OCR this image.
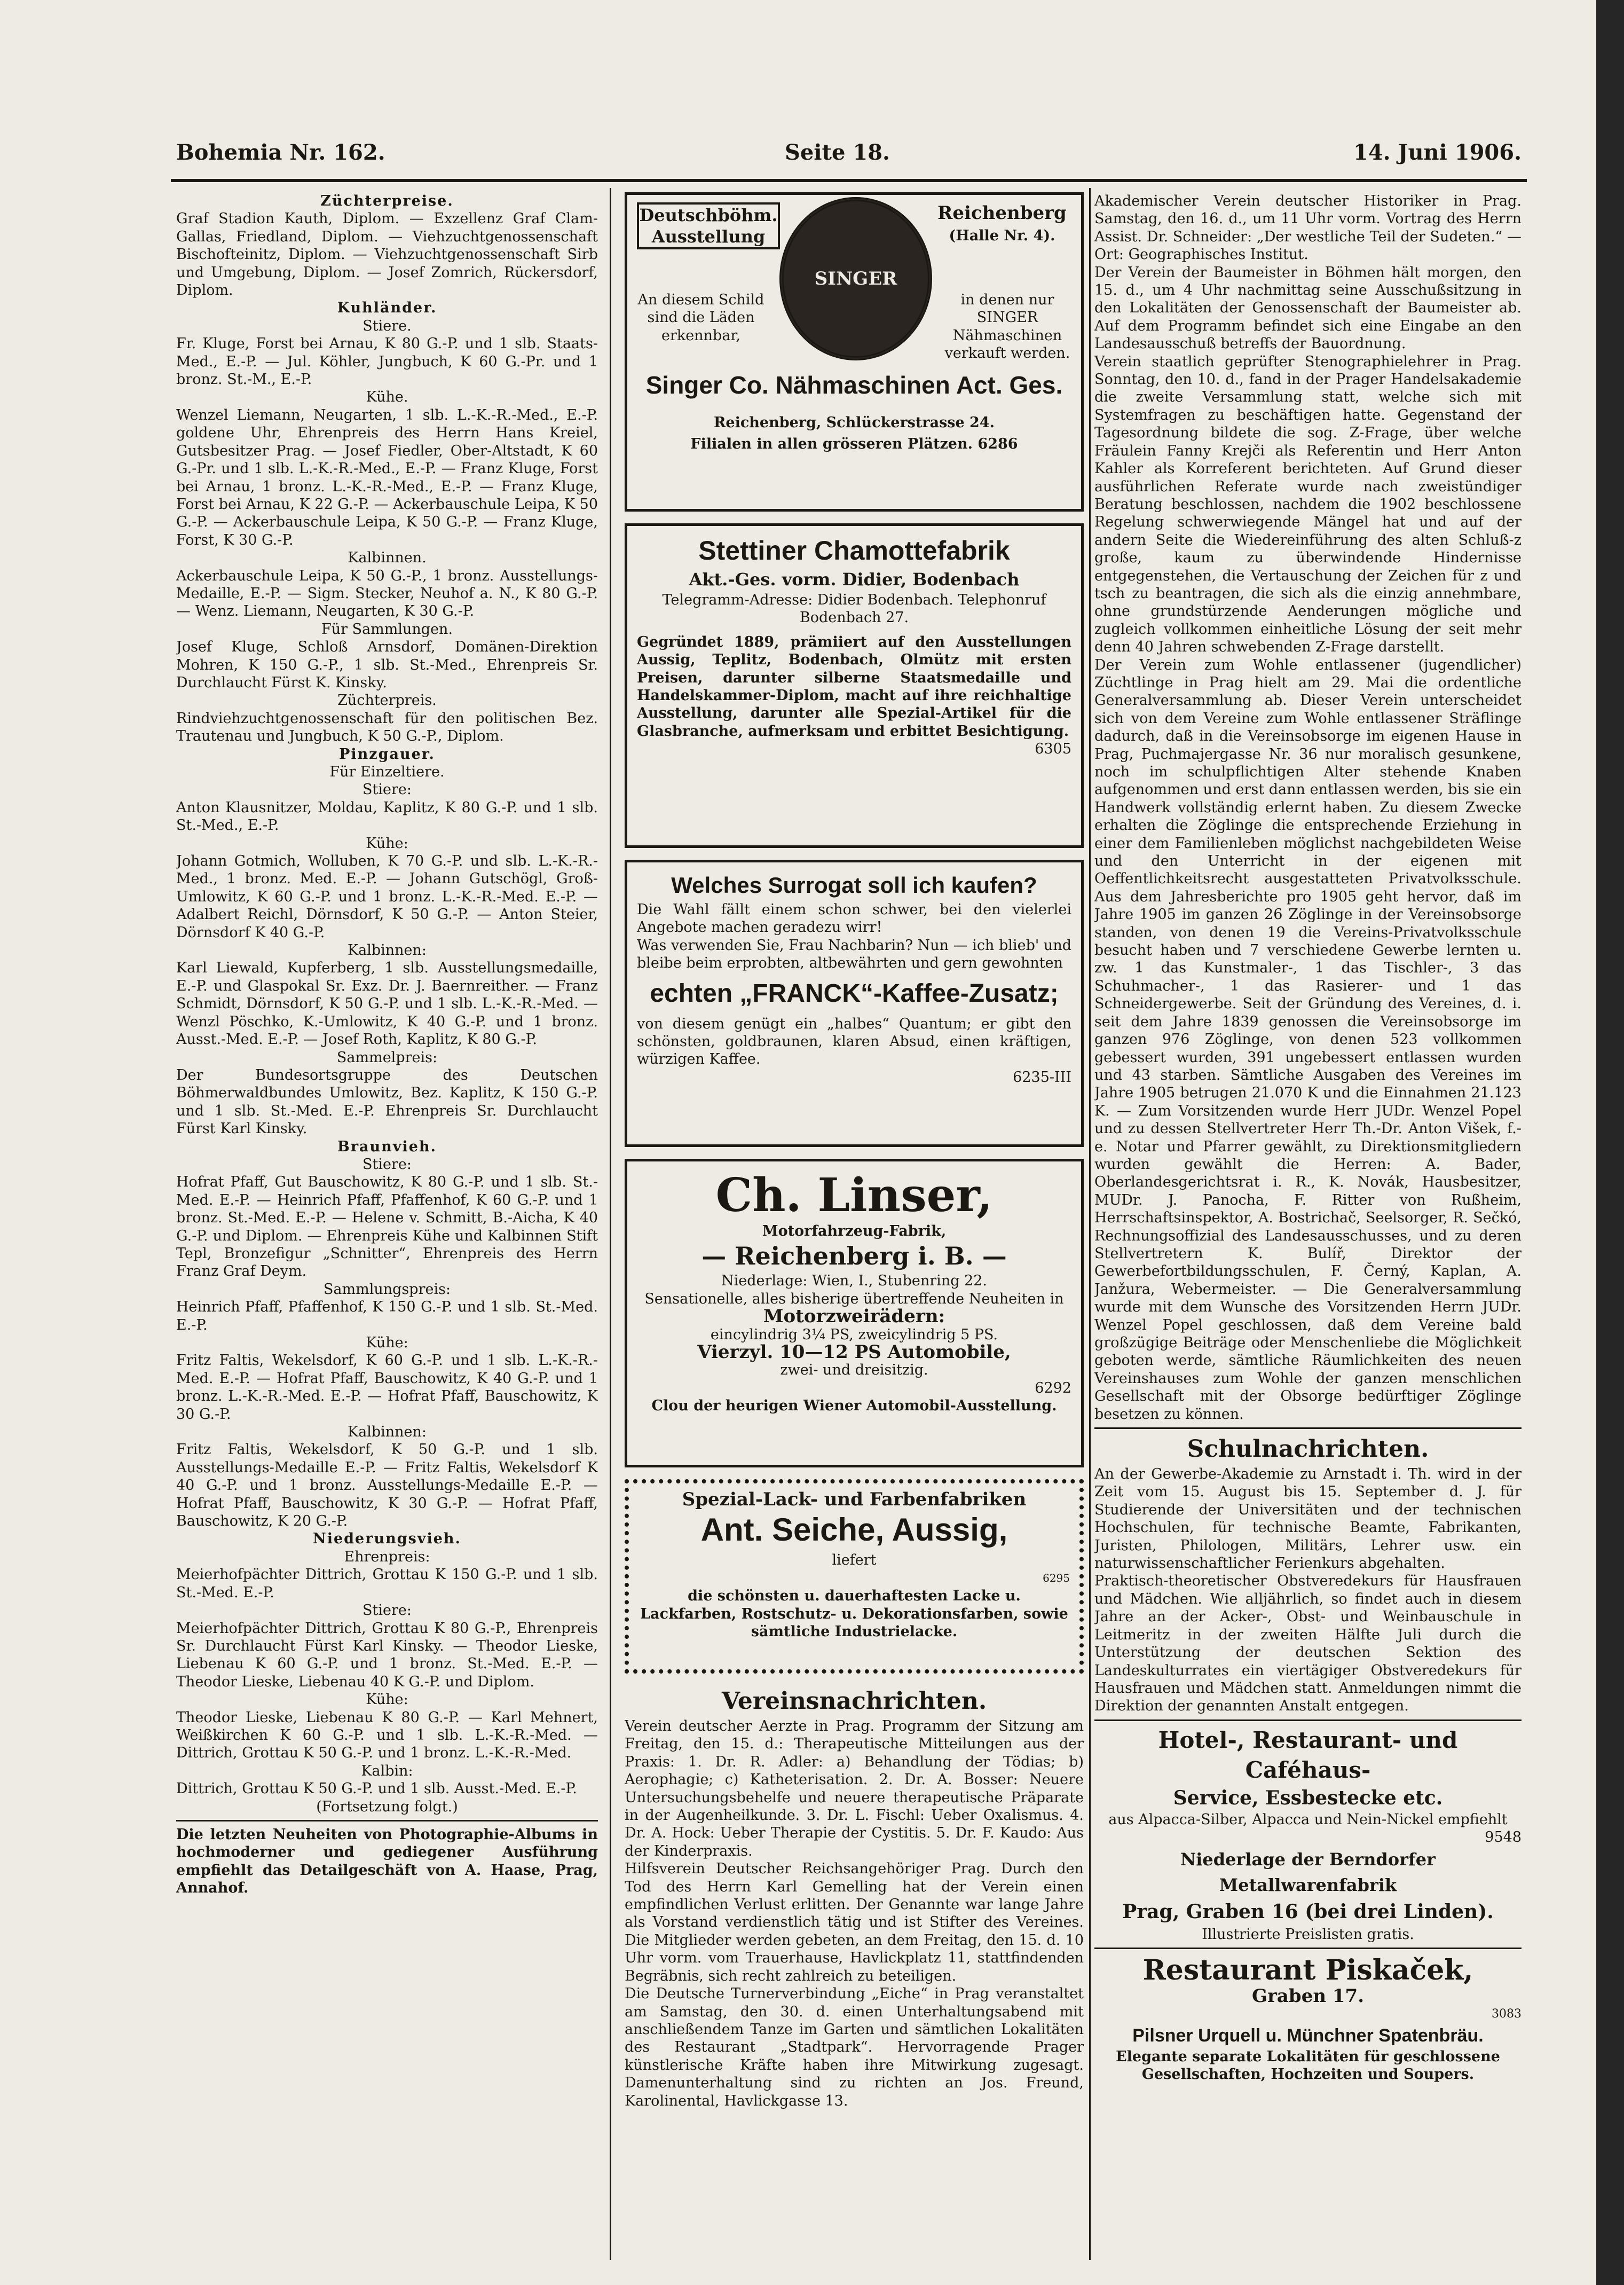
Bohemia Nr. 162.	Seite 18.	14. Juni 1906.

Züchterpreise.

Graf Stadion Kauth, Diplom. — Exzellenz Graf Clam-Gallas, Friedland, Diplom. — Viehzuchtgenossenschaft Bischofteinitz, Diplom. — Viehzuchtgenossenschaft Sirb und Umgebung, Diplom. — Josef Zomrich, Rückersdorf, Diplom.

Kuhländer.

Stiere.

Fr. Kluge, Forst bei Arnau, K 80 G.-P. und 1 slb. Staats-Med., E.-P. — Jul. Köhler, Jungbuch, K 60 G.-Pr. und 1 bronz. St.-M., E.-P.

Kühe.

Wenzel Liemann, Neugarten, 1 slb. L.-K.-R.-Med., E.-P. goldene Uhr, Ehrenpreis des Herrn Hans Kreiel, Gutsbesitzer Prag. — Josef Fiedler, Ober-Altstadt, K 60 G.-Pr. und 1 slb. L.-K.-R.-Med., E.-P. — Franz Kluge, Forst bei Arnau, 1 bronz. L.-K.-R.-Med., E.-P. — Franz Kluge, Forst bei Arnau, K 22 G.-P. — Ackerbauschule Leipa, K 50 G.-P. — Ackerbauschule Leipa, K 50 G.-P. — Franz Kluge, Forst, K 30 G.-P.

Kalbinnen.

Ackerbauschule Leipa, K 50 G.-P., 1 bronz. Ausstellungs-Medaille, E.-P. — Sigm. Stecker, Neuhof a. N., K 80 G.-P. — Wenz. Liemann, Neugarten, K 30 G.-P.

Für Sammlungen.

Josef Kluge, Schloß Arnsdorf, Domänen-Direktion Mohren, K 150 G.-P., 1 slb. St.-Med., Ehrenpreis Sr. Durchlaucht Fürst K. Kinsky.

Züchterpreis.

Rindviehzuchtgenossenschaft für den politischen Bez. Trautenau und Jungbuch, K 50 G.-P., Diplom.

Pinzgauer.

Für Einzeltiere.

Stiere:

Anton Klausnitzer, Moldau, Kaplitz, K 80 G.-P. und 1 slb. St.-Med., E.-P.

Kühe:

Johann Gotmich, Wolluben, K 70 G.-P. und slb. L.-K.-R.-Med., 1 bronz. Med. E.-P. — Johann Gutschögl, Groß-Umlowitz, K 60 G.-P. und 1 bronz. L.-K.-R.-Med. E.-P. — Adalbert Reichl, Dörnsdorf, K 50 G.-P. — Anton Steier, Dörnsdorf K 40 G.-P.

Kalbinnen:

Karl Liewald, Kupferberg, 1 slb. Ausstellungsmedaille, E.-P. und Glaspokal Sr. Exz. Dr. J. Baernreither. — Franz Schmidt, Dörnsdorf, K 50 G.-P. und 1 slb. L.-K.-R.-Med. — Wenzl Pöschko, K.-Umlowitz, K 40 G.-P. und 1 bronz. Ausst.-Med. E.-P. — Josef Roth, Kaplitz, K 80 G.-P.

Sammelpreis:

Der Bundesortsgruppe des Deutschen Böhmerwaldbundes Umlowitz, Bez. Kaplitz, K 150 G.-P. und 1 slb. St.-Med. E.-P. Ehrenpreis Sr. Durchlaucht Fürst Karl Kinsky.

Braunvieh.

Stiere:

Hofrat Pfaff, Gut Bauschowitz, K 80 G.-P. und 1 slb. St.-Med. E.-P. — Heinrich Pfaff, Pfaffenhof, K 60 G.-P. und 1 bronz. St.-Med. E.-P. — Helene v. Schmitt, B.-Aicha, K 40 G.-P. und Diplom. — Ehrenpreis Kühe und Kalbinnen Stift Tepl, Bronzefigur „Schnitter“, Ehrenpreis des Herrn Franz Graf Deym.

Sammlungspreis:

Heinrich Pfaff, Pfaffenhof, K 150 G.-P. und 1 slb. St.-Med. E.-P.

Kühe:

Fritz Faltis, Wekelsdorf, K 60 G.-P. und 1 slb. L.-K.-R.-Med. E.-P. — Hofrat Pfaff, Bauschowitz, K 40 G.-P. und 1 bronz. L.-K.-R.-Med. E.-P. — Hofrat Pfaff, Bauschowitz, K 30 G.-P.

Kalbinnen:

Fritz Faltis, Wekelsdorf, K 50 G.-P. und 1 slb. Ausstellungs-Medaille E.-P. — Fritz Faltis, Wekelsdorf K 40 G.-P. und 1 bronz. Ausstellungs-Medaille E.-P. — Hofrat Pfaff, Bauschowitz, K 30 G.-P. — Hofrat Pfaff, Bauschowitz, K 20 G.-P.

Niederungsvieh.

Ehrenpreis:

Meierhofpächter Dittrich, Grottau K 150 G.-P. und 1 slb. St.-Med. E.-P.

Stiere:

Meierhofpächter Dittrich, Grottau K 80 G.-P., Ehrenpreis Sr. Durchlaucht Fürst Karl Kinsky. — Theodor Lieske, Liebenau K 60 G.-P. und 1 bronz. St.-Med. E.-P. — Theodor Lieske, Liebenau 40 K G.-P. und Diplom.

Kühe:

Theodor Lieske, Liebenau K 80 G.-P. — Karl Mehnert, Weißkirchen K 60 G.-P. und 1 slb. L.-K.-R.-Med. — Dittrich, Grottau K 50 G.-P. und 1 bronz. L.-K.-R.-Med.

Kalbin:

Dittrich, Grottau K 50 G.-P. und 1 slb. Ausst.-Med. E.-P.

(Fortsetzung folgt.)

Die letzten Neuheiten von Photographie-Albums in hochmoderner und gediegener Ausführung empfiehlt das Detailgeschäft von A. Haase, Prag, Annahof.

Deutschböhm. Ausstellung
Reichenberg
(Halle Nr. 4).
SINGER
An diesem Schild sind die Läden erkennbar,
in denen nur SINGER Nähmaschinen verkauft werden.
Singer Co. Nähmaschinen Act. Ges.
Reichenberg, Schlückerstrasse 24.
Filialen in allen grösseren Plätzen. 6286

Stettiner Chamottefabrik

Akt.-Ges. vorm. Didier, Bodenbach

Telegramm-Adresse: Didier Bodenbach. Telephonruf Bodenbach 27.

Gegründet 1889, prämiiert auf den Ausstellungen Aussig, Teplitz, Bodenbach, Olmütz mit ersten Preisen, darunter silberne Staatsmedaille und Handelskammer-Diplom, macht auf ihre reichhaltige Ausstellung, darunter alle Spezial-Artikel für die Glasbranche, aufmerksam und erbittet Besichtigung.

6305

Welches Surrogat soll ich kaufen?

Die Wahl fällt einem schon schwer, bei den vielerlei Angebote machen geradezu wirr!

Was verwenden Sie, Frau Nachbarin? Nun — ich blieb' und bleibe beim erprobten, altbewährten und gern gewohnten

echten „FRANCK“-Kaffee-Zusatz;

von diesem genügt ein „halbes“ Quantum; er gibt den schönsten, goldbraunen, klaren Absud, einen kräftigen, würzigen Kaffee.

6235-III

Ch. Linser,

Motorfahrzeug-Fabrik,

— Reichenberg i. B. —

Niederlage: Wien, I., Stubenring 22.

Sensationelle, alles bisherige übertreffende Neuheiten in

Motorzweirädern:

eincylindrig 3¼ PS, zweicylindrig 5 PS.

Vierzyl. 10—12 PS Automobile,

zwei- und dreisitzig.

6292

Clou der heurigen Wiener Automobil-Ausstellung.

Spezial-Lack- und Farbenfabriken

Ant. Seiche, Aussig,

liefert

6295

die schönsten u. dauerhaftesten Lacke u. Lackfarben, Rostschutz- u. Dekorationsfarben, sowie sämtliche Industrielacke.

Vereinsnachrichten.

Verein deutscher Aerzte in Prag. Programm der Sitzung am Freitag, den 15. d.: Therapeutische Mitteilungen aus der Praxis: 1. Dr. R. Adler: a) Behandlung der Tödias; b) Aerophagie; c) Katheterisation. 2. Dr. A. Bosser: Neuere Untersuchungsbehelfe und neuere therapeutische Präparate in der Augenheilkunde. 3. Dr. L. Fischl: Ueber Oxalismus. 4. Dr. A. Hock: Ueber Therapie der Cystitis. 5. Dr. F. Kaudo: Aus der Kinderpraxis.

Hilfsverein Deutscher Reichsangehöriger Prag. Durch den Tod des Herrn Karl Gemelling hat der Verein einen empfindlichen Verlust erlitten. Der Genannte war lange Jahre als Vorstand verdienstlich tätig und ist Stifter des Vereines. Die Mitglieder werden gebeten, an dem Freitag, den 15. d. 10 Uhr vorm. vom Trauerhause, Havlickplatz 11, stattfindenden Begräbnis, sich recht zahlreich zu beteiligen.

Die Deutsche Turnerverbindung „Eiche“ in Prag veranstaltet am Samstag, den 30. d. einen Unterhaltungsabend mit anschließendem Tanze im Garten und sämtlichen Lokalitäten des Restaurant „Stadtpark“. Hervorragende Prager künstlerische Kräfte haben ihre Mitwirkung zugesagt. Damenunterhaltung sind zu richten an Jos. Freund, Karolinental, Havlickgasse 13.

Akademischer Verein deutscher Historiker in Prag. Samstag, den 16. d., um 11 Uhr vorm. Vortrag des Herrn Assist. Dr. Schneider: „Der westliche Teil der Sudeten.“ — Ort: Geographisches Institut.

Der Verein der Baumeister in Böhmen hält morgen, den 15. d., um 4 Uhr nachmittag seine Ausschußsitzung in den Lokalitäten der Genossenschaft der Baumeister ab. Auf dem Programm befindet sich eine Eingabe an den Landesausschuß betreffs der Bauordnung.

Verein staatlich geprüfter Stenographielehrer in Prag. Sonntag, den 10. d., fand in der Prager Handelsakademie die zweite Versammlung statt, welche sich mit Systemfragen zu beschäftigen hatte. Gegenstand der Tagesordnung bildete die sog. Z-Frage, über welche Fräulein Fanny Krejči als Referentin und Herr Anton Kahler als Korreferent berichteten. Auf Grund dieser ausführlichen Referate wurde nach zweistündiger Beratung beschlossen, nachdem die 1902 beschlossene Regelung schwerwiegende Mängel hat und auf der andern Seite die Wiedereinführung des alten Schluß-z große, kaum zu überwindende Hindernisse entgegenstehen, die Vertauschung der Zeichen für z und tsch zu beantragen, die sich als die einzig annehmbare, ohne grundstürzende Aenderungen mögliche und zugleich vollkommen einheitliche Lösung der seit mehr denn 40 Jahren schwebenden Z-Frage darstellt.

Der Verein zum Wohle entlassener (jugendlicher) Züchtlinge in Prag hielt am 29. Mai die ordentliche Generalversammlung ab. Dieser Verein unterscheidet sich von dem Vereine zum Wohle entlassener Sträflinge dadurch, daß in die Vereinsobsorge im eigenen Hause in Prag, Puchmajergasse Nr. 36 nur moralisch gesunkene, noch im schulpflichtigen Alter stehende Knaben aufgenommen und erst dann entlassen werden, bis sie ein Handwerk vollständig erlernt haben. Zu diesem Zwecke erhalten die Zöglinge die entsprechende Erziehung in einer dem Familienleben möglichst nachgebildeten Weise und den Unterricht in der eigenen mit Oeffentlichkeitsrecht ausgestatteten Privatvolksschule. Aus dem Jahresberichte pro 1905 geht hervor, daß im Jahre 1905 im ganzen 26 Zöglinge in der Vereinsobsorge standen, von denen 19 die Vereins-Privatvolksschule besucht haben und 7 verschiedene Gewerbe lernten u. zw. 1 das Kunstmaler-, 1 das Tischler-, 3 das Schuhmacher-, 1 das Rasierer- und 1 das Schneidergewerbe. Seit der Gründung des Vereines, d. i. seit dem Jahre 1839 genossen die Vereinsobsorge im ganzen 976 Zöglinge, von denen 523 vollkommen gebessert wurden, 391 ungebessert entlassen wurden und 43 starben. Sämtliche Ausgaben des Vereines im Jahre 1905 betrugen 21.070 K und die Einnahmen 21.123 K. — Zum Vorsitzenden wurde Herr JUDr. Wenzel Popel und zu dessen Stellvertreter Herr Th.-Dr. Anton Višek, f.-e. Notar und Pfarrer gewählt, zu Direktionsmitgliedern wurden gewählt die Herren: A. Bader, Oberlandesgerichtsrat i. R., K. Novák, Hausbesitzer, MUDr. J. Panocha, F. Ritter von Rußheim, Herrschaftsinspektor, A. Bostrichač, Seelsorger, R. Sečkó, Rechnungsoffizial des Landesausschusses, und zu deren Stellvertretern K. Bulíř, Direktor der Gewerbefortbildungsschulen, F. Černý, Kaplan, A. Janžura, Webermeister. — Die Generalversammlung wurde mit dem Wunsche des Vorsitzenden Herrn JUDr. Wenzel Popel geschlossen, daß dem Vereine bald großzügige Beiträge oder Menschenliebe die Möglichkeit geboten werde, sämtliche Räumlichkeiten des neuen Vereinshauses zum Wohle der ganzen menschlichen Gesellschaft mit der Obsorge bedürftiger Zöglinge besetzen zu können.

Schulnachrichten.

An der Gewerbe-Akademie zu Arnstadt i. Th. wird in der Zeit vom 15. August bis 15. September d. J. für Studierende der Universitäten und der technischen Hochschulen, für technische Beamte, Fabrikanten, Juristen, Philologen, Militärs, Lehrer usw. ein naturwissenschaftlicher Ferienkurs abgehalten.

Praktisch-theoretischer Obstveredekurs für Hausfrauen und Mädchen. Wie alljährlich, so findet auch in diesem Jahre an der Acker-, Obst- und Weinbauschule in Leitmeritz in der zweiten Hälfte Juli durch die Unterstützung der deutschen Sektion des Landeskulturrates ein viertägiger Obstveredekurs für Hausfrauen und Mädchen statt. Anmeldungen nimmt die Direktion der genannten Anstalt entgegen.

Hotel-, Restaurant- und Caféhaus-

Service, Essbestecke etc.

aus Alpacca-Silber, Alpacca und Nein-Nickel empfiehlt

9548

Niederlage der Berndorfer Metallwarenfabrik

Prag, Graben 16 (bei drei Linden).

Illustrierte Preislisten gratis.

Restaurant Piskaček,

Graben 17.

3083

Pilsner Urquell u. Münchner Spatenbräu.

Elegante separate Lokalitäten für geschlossene Gesellschaften, Hochzeiten und Soupers.
